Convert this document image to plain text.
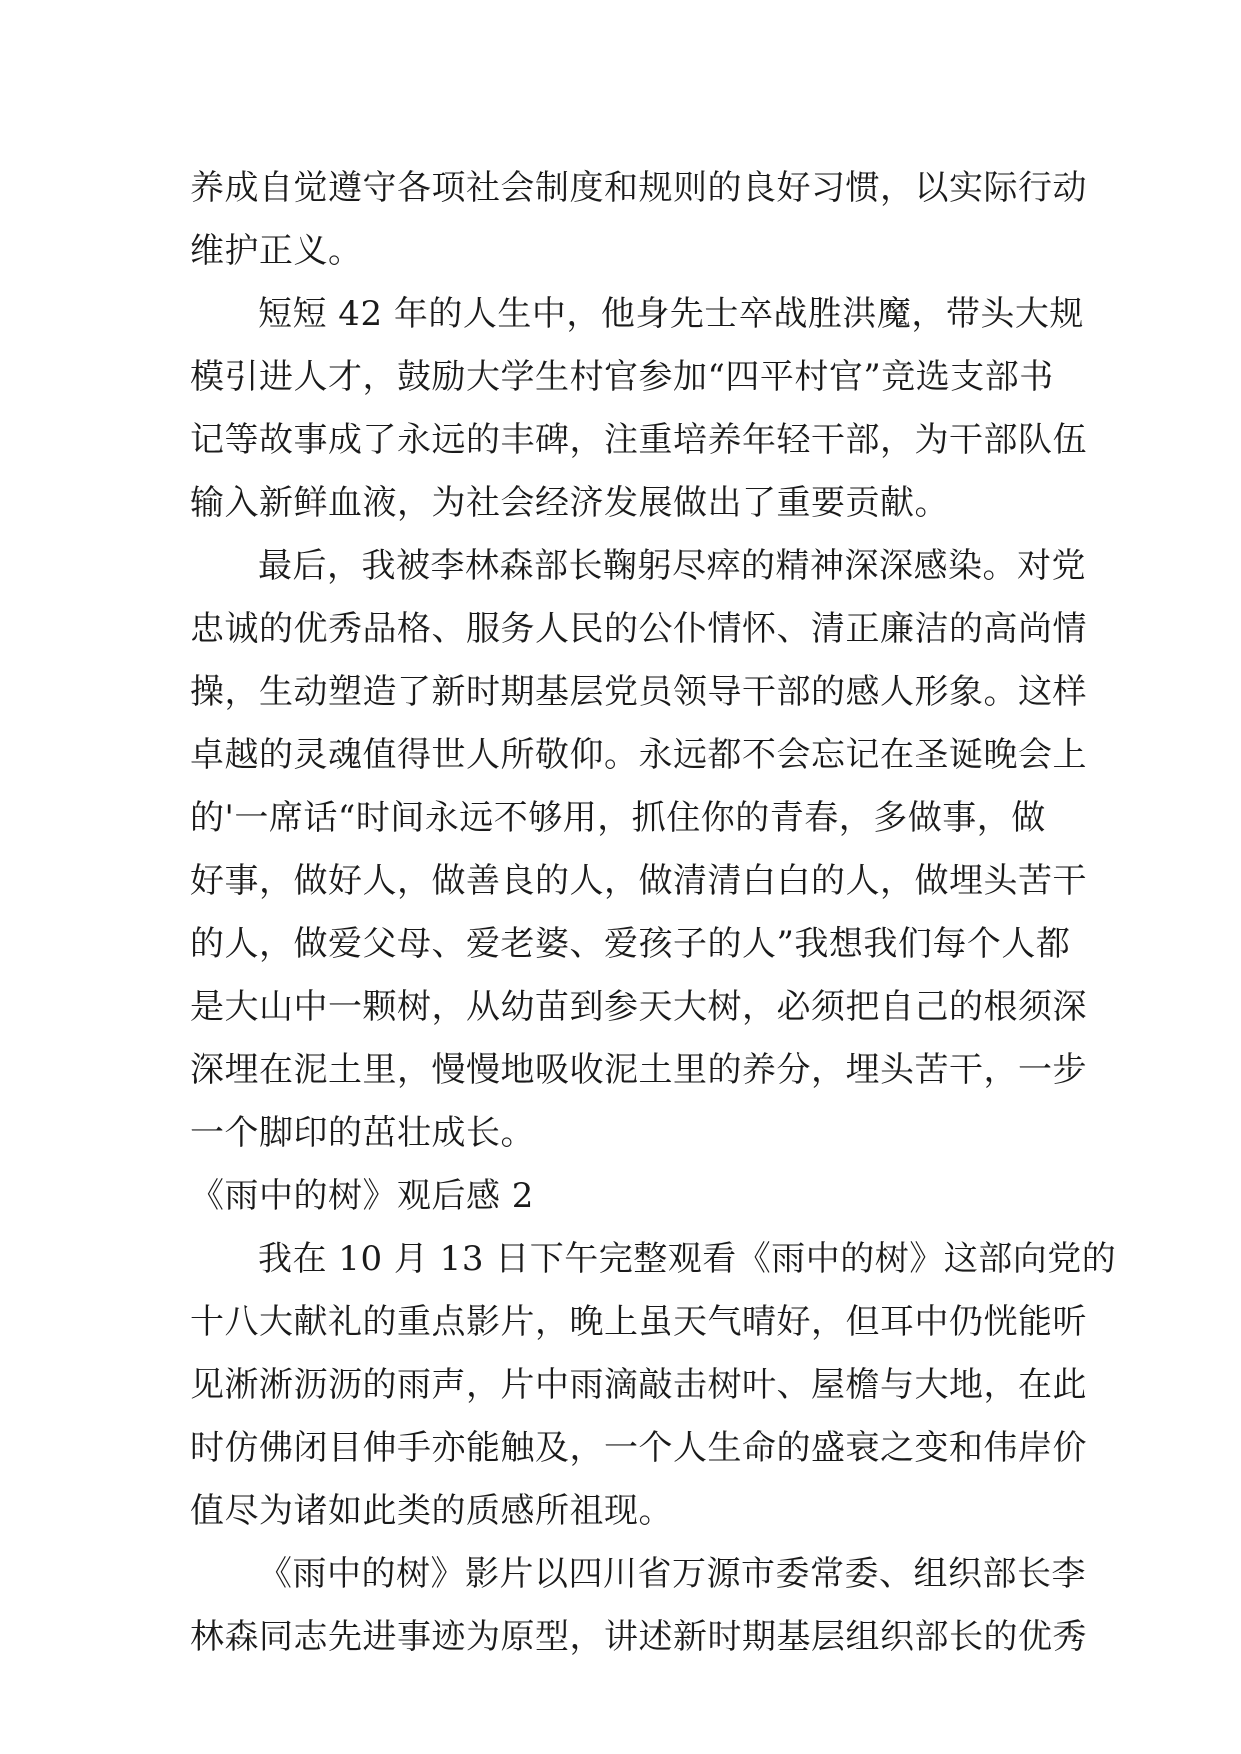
养成自觉遵守各项社会制度和规则的良好习惯，以实际行动
维护正义。
短短 42 年的人生中，他身先士卒战胜洪魔，带头大规
模引进人才，鼓励大学生村官参加“四平村官”竞选支部书
记等故事成了永远的丰碑，注重培养年轻干部，为干部队伍
输入新鲜血液，为社会经济发展做出了重要贡献。
最后，我被李林森部长鞠躬尽瘁的精神深深感染。对党
忠诚的优秀品格、服务人民的公仆情怀、清正廉洁的高尚情
操，生动塑造了新时期基层党员领导干部的感人形象。这样
卓越的灵魂值得世人所敬仰。永远都不会忘记在圣诞晚会上
的'一席话“时间永远不够用，抓住你的青春，多做事，做
好事，做好人，做善良的人，做清清白白的人，做埋头苦干
的人，做爱父母、爱老婆、爱孩子的人”我想我们每个人都
是大山中一颗树，从幼苗到参天大树，必须把自己的根须深
深埋在泥土里，慢慢地吸收泥土里的养分，埋头苦干，一步
一个脚印的茁壮成长。
《雨中的树》观后感 2
我在 10 月 13 日下午完整观看《雨中的树》这部向党的
十八大献礼的重点影片，晚上虽天气晴好，但耳中仍恍能听
见淅淅沥沥的雨声，片中雨滴敲击树叶、屋檐与大地，在此
时仿佛闭目伸手亦能触及，一个人生命的盛衰之变和伟岸价
值尽为诸如此类的质感所祖现。
《雨中的树》影片以四川省万源市委常委、组织部长李
林森同志先进事迹为原型，讲述新时期基层组织部长的优秀
